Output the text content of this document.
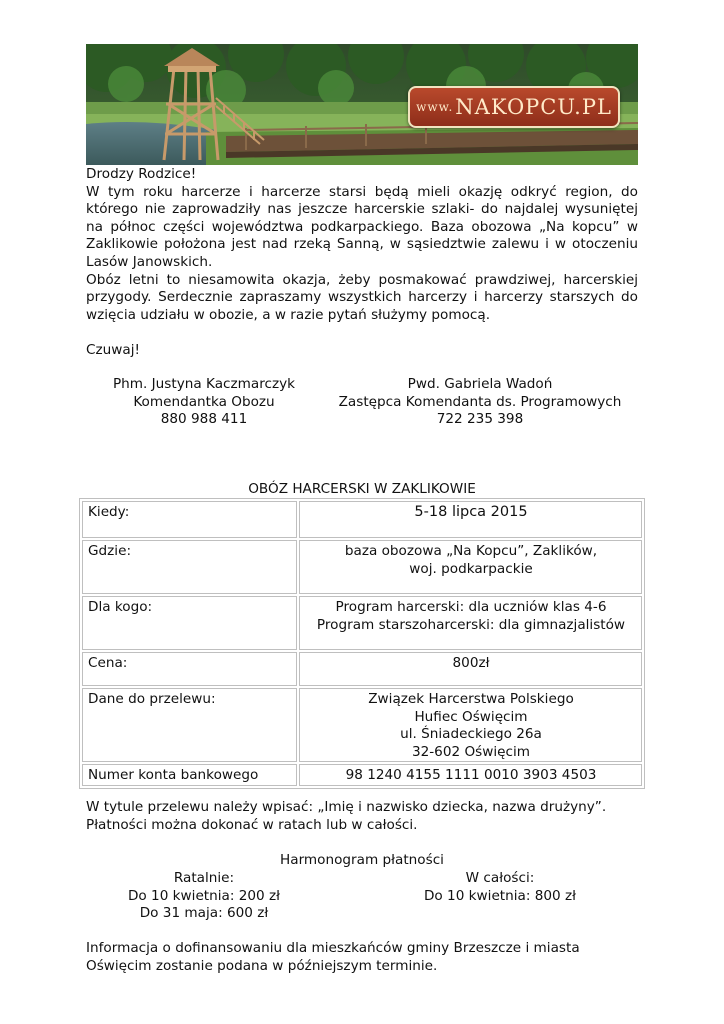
www. NAKOPCU.PL

Drodzy Rodzice!

W tym roku harcerze i harcerze starsi będą mieli okazję odkryć region, do którego nie zaprowadziły nas jeszcze harcerskie szlaki- do najdalej wysuniętej na północ części województwa podkarpackiego. Baza obozowa „Na kopcu” w Zaklikowie położona jest nad rzeką Sanną, w sąsiedztwie zalewu i w otoczeniu Lasów Janowskich.

Obóz letni to niesamowita okazja, żeby posmakować prawdziwej, harcerskiej przygody. Serdecznie zapraszamy wszystkich harcerzy i harcerzy starszych do wzięcia udziału w obozie, a w razie pytań służymy pomocą.

Czuwaj!

Phm. Justyna Kaczmarczyk
Komendantka Obozu
880 988 411
Pwd. Gabriela Wadoń
Zastępca Komendanta ds. Programowych
722 235 398
OBÓZ HARCERSKI W ZAKLIKOWIE
Kiedy:	5-18 lipca 2015

Gdzie:	baza obozowa „Na Kopcu”, Zaklików,
woj. podkarpackie

Dla kogo:	Program harcerski: dla uczniów klas 4-6
Program starszoharcerski: dla gimnazjalistów

Cena:	800zł

Dane do przelewu:	Związek Harcerstwa Polskiego
Hufiec Oświęcim
ul. Śniadeckiego 26a
32-602 Oświęcim

Numer konta bankowego	98 1240 4155 1111 0010 3903 4503
W tytule przelewu należy wpisać: „Imię i nazwisko dziecka, nazwa drużyny”.
Płatności można dokonać w ratach lub w całości.
Harmonogram płatności
Ratalnie:
Do 10 kwietnia: 200 zł
Do 31 maja: 600 zł
W całości:
Do 10 kwietnia: 800 zł
Informacja o dofinansowaniu dla mieszkańców gminy Brzeszcze i miasta
Oświęcim zostanie podana w późniejszym terminie.
